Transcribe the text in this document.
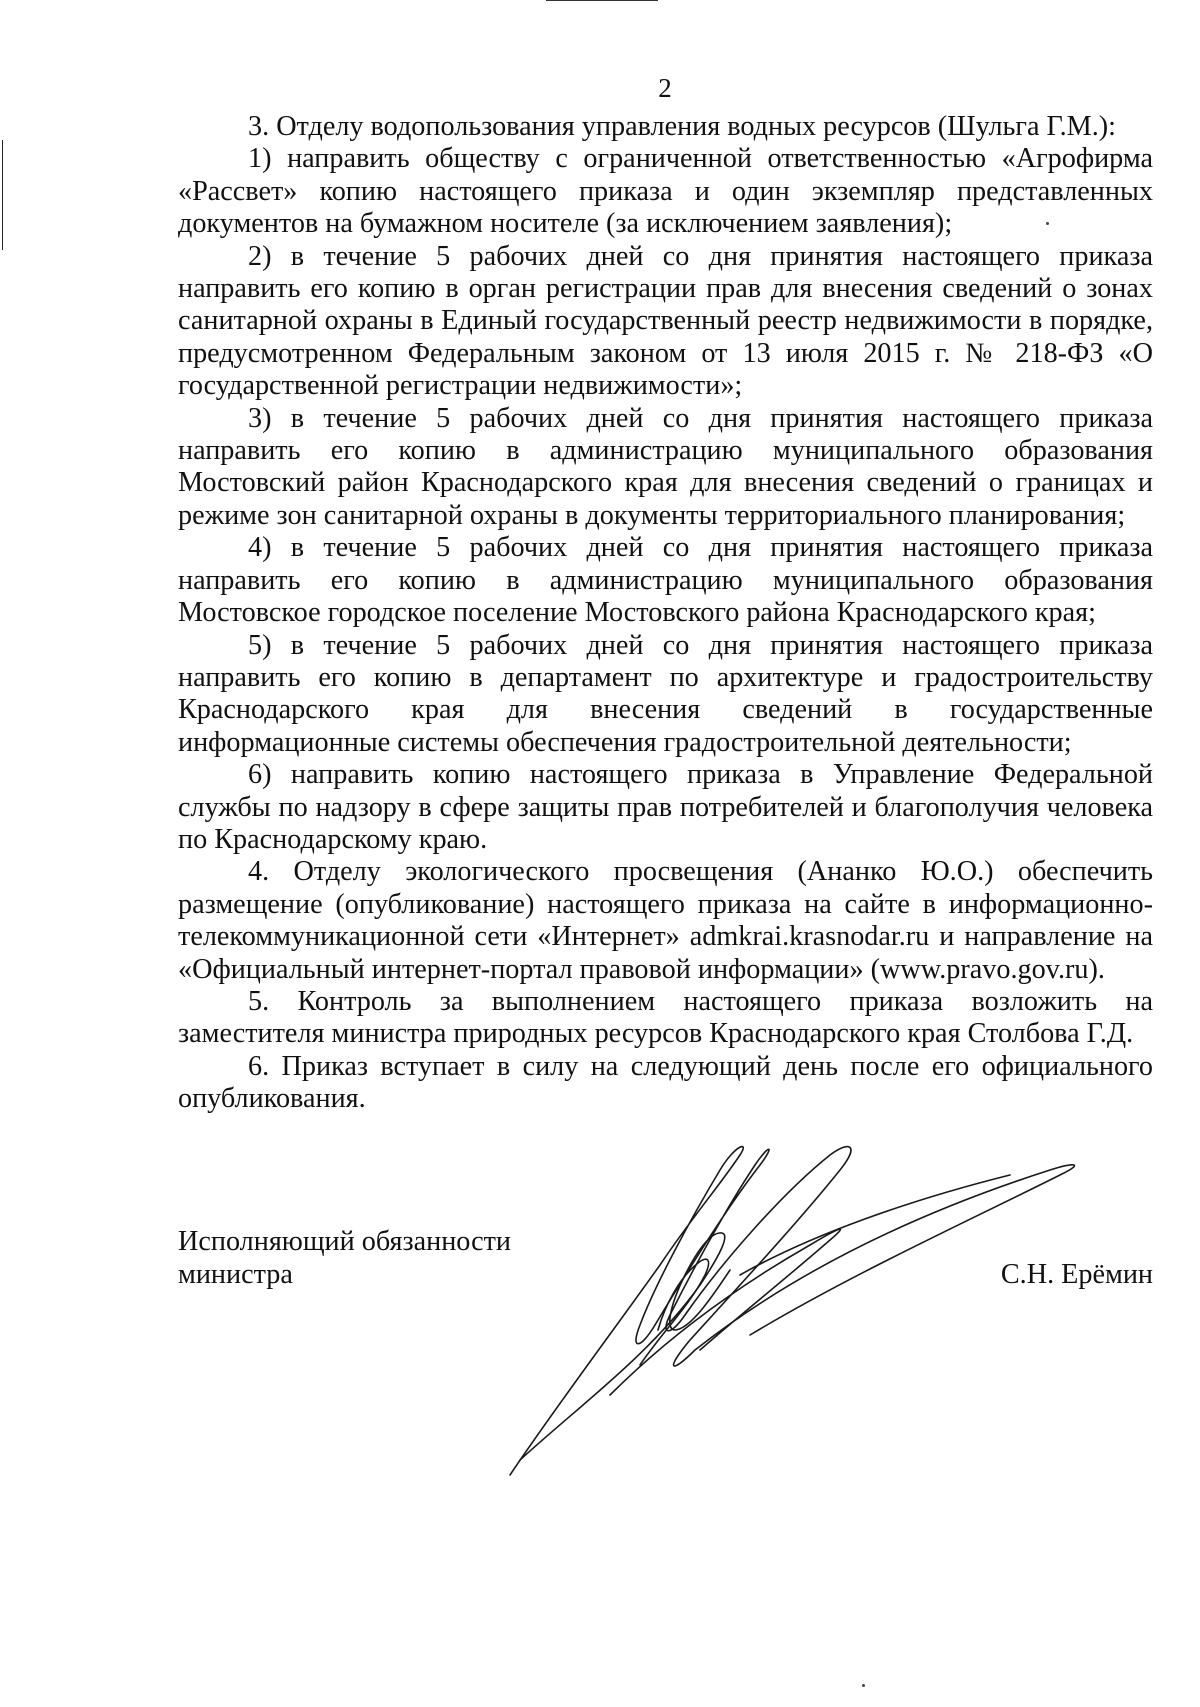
2

3. Отделу водопользования управления водных ресурсов (Шульга Г.М.):

1) направить обществу с ограниченной ответственностью «Агрофирма «Рассвет» копию настоящего приказа и один экземпляр представленных документов на бумажном носителе (за исключением заявления);

2) в течение 5 рабочих дней со дня принятия настоящего приказа направить его копию в орган регистрации прав для внесения сведений о зонах санитарной охраны в Единый государственный реестр недвижимости в порядке, предусмотренном Федеральным законом от 13 июля 2015 г. № 218-ФЗ «О государственной регистрации недвижимости»;

3) в течение 5 рабочих дней со дня принятия настоящего приказа направить его копию в администрацию муниципального образования Мостовский район Краснодарского края для внесения сведений о границах и режиме зон санитарной охраны в документы территориального планирования;

4) в течение 5 рабочих дней со дня принятия настоящего приказа направить его копию в администрацию муниципального образования Мостовское городское поселение Мостовского района Краснодарского края;

5) в течение 5 рабочих дней со дня принятия настоящего приказа направить его копию в департамент по архитектуре и градостроительству Краснодарского края для внесения сведений в государственные информационные системы обеспечения градостроительной деятельности;

6) направить копию настоящего приказа в Управление Федеральной службы по надзору в сфере защиты прав потребителей и благополучия человека по Краснодарскому краю.

4. Отделу экологического просвещения (Ананко Ю.О.) обеспечить размещение (опубликование) настоящего приказа на сайте в информационно-телекоммуникационной сети «Интернет» admkrai.krasnodar.ru и направление на «Официальный интернет-портал правовой информации» (www.pravo.gov.ru).

5. Контроль за выполнением настоящего приказа возложить на заместителя министра природных ресурсов Краснодарского края Столбова Г.Д.

6. Приказ вступает в силу на следующий день после его официального опубликования.

Исполняющий обязанности
министра	С.Н. Ерёмин
